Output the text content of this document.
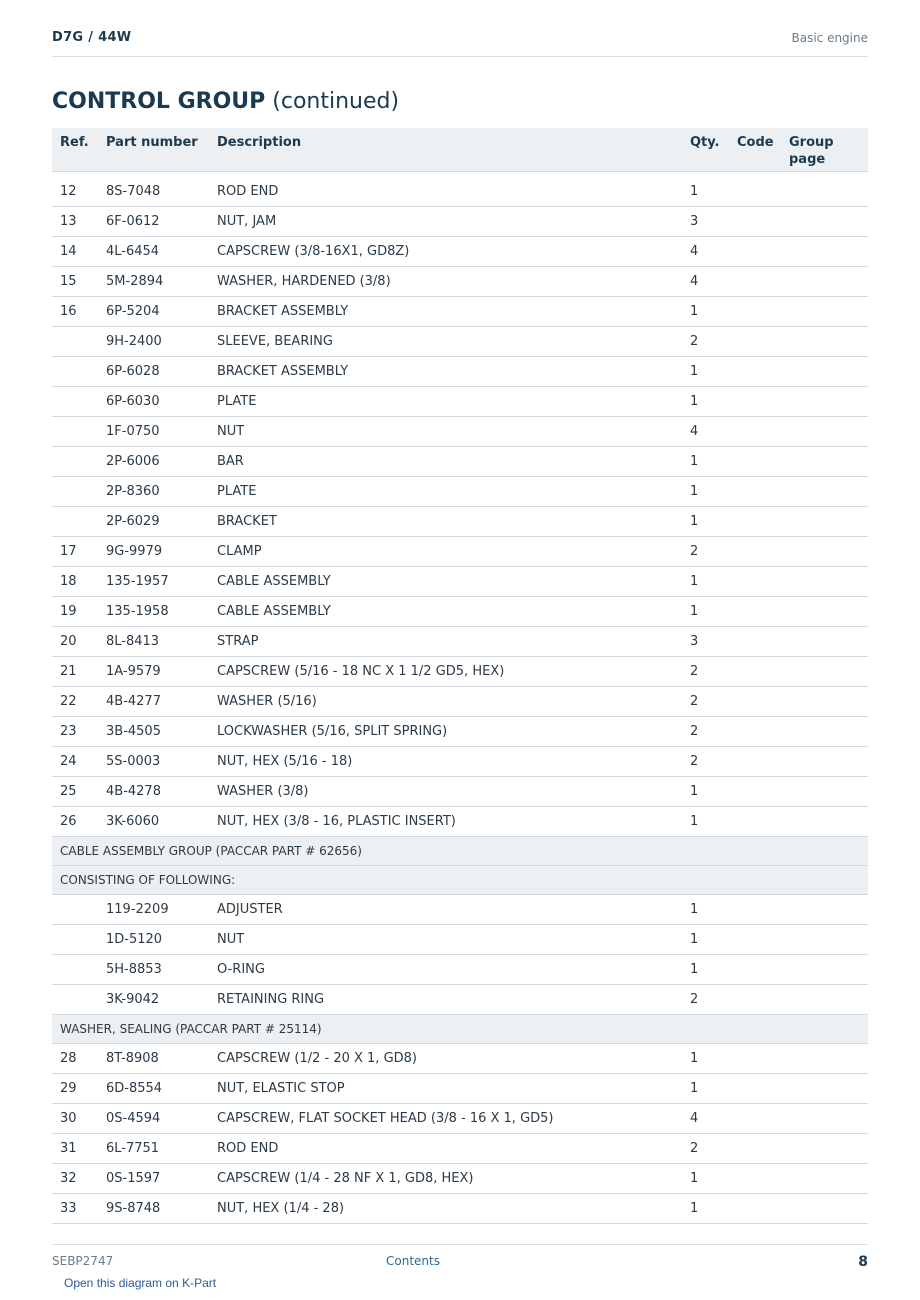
D7G / 44W	Basic engine
CONTROL GROUP (continued)
Ref.	Part number	Description	Qty.	Code	Group page

12	8S-7048	ROD END	1		
13	6F-0612	NUT, JAM	3		
14	4L-6454	CAPSCREW (3/8-16X1, GD8Z)	4		
15	5M-2894	WASHER, HARDENED (3/8)	4		
16	6P-5204	BRACKET ASSEMBLY	1		
	9H-2400	SLEEVE, BEARING	2		
	6P-6028	BRACKET ASSEMBLY	1		
	6P-6030	PLATE	1		
	1F-0750	NUT	4		
	2P-6006	BAR	1		
	2P-8360	PLATE	1		
	2P-6029	BRACKET	1		
17	9G-9979	CLAMP	2		
18	135-1957	CABLE ASSEMBLY	1		
19	135-1958	CABLE ASSEMBLY	1		
20	8L-8413	STRAP	3		
21	1A-9579	CAPSCREW (5/16 - 18 NC X 1 1/2 GD5, HEX)	2		
22	4B-4277	WASHER (5/16)	2		
23	3B-4505	LOCKWASHER (5/16, SPLIT SPRING)	2		
24	5S-0003	NUT, HEX (5/16 - 18)	2		
25	4B-4278	WASHER (3/8)	1		
26	3K-6060	NUT, HEX (3/8 - 16, PLASTIC INSERT)	1		
CABLE ASSEMBLY GROUP (PACCAR PART # 62656)					
CONSISTING OF FOLLOWING:					
	119-2209	ADJUSTER	1		
	1D-5120	NUT	1		
	5H-8853	O-RING	1		
	3K-9042	RETAINING RING	2		
WASHER, SEALING (PACCAR PART # 25114)					
28	8T-8908	CAPSCREW (1/2 - 20 X 1, GD8)	1		
29	6D-8554	NUT, ELASTIC STOP	1		
30	0S-4594	CAPSCREW, FLAT SOCKET HEAD (3/8 - 16 X 1, GD5)	4		
31	6L-7751	ROD END	2		
32	0S-1597	CAPSCREW (1/4 - 28 NF X 1, GD8, HEX)	1		
33	9S-8748	NUT, HEX (1/4 - 28)	1		
SEBP2747	Contents	8
Open this diagram on K-Part
